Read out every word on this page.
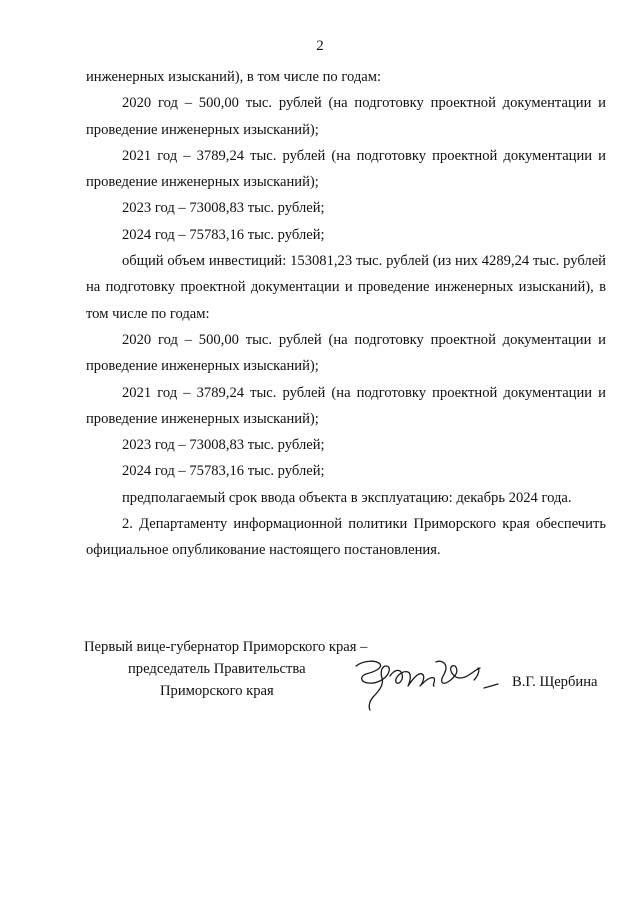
2

инженерных изысканий), в том числе по годам:

2020 год – 500,00 тыс. рублей (на подготовку проектной документации и проведение инженерных изысканий);

2021 год – 3789,24 тыс. рублей (на подготовку проектной документации и проведение инженерных изысканий);

2023 год – 73008,83 тыс. рублей;

2024 год – 75783,16 тыс. рублей;

общий объем инвестиций: 153081,23 тыс. рублей (из них 4289,24 тыс. рублей на подготовку проектной документации и проведение инженерных изысканий), в том числе по годам:

2020 год – 500,00 тыс. рублей (на подготовку проектной документации и проведение инженерных изысканий);

2021 год – 3789,24 тыс. рублей (на подготовку проектной документации и проведение инженерных изысканий);

2023 год – 73008,83 тыс. рублей;

2024 год – 75783,16 тыс. рублей;

предполагаемый срок ввода объекта в эксплуатацию: декабрь 2024 года.

2. Департаменту информационной политики Приморского края обеспечить официальное опубликование настоящего постановления.

Первый вице-губернатор Приморского края –
председатель Правительства
Приморского края
В.Г. Щербина
